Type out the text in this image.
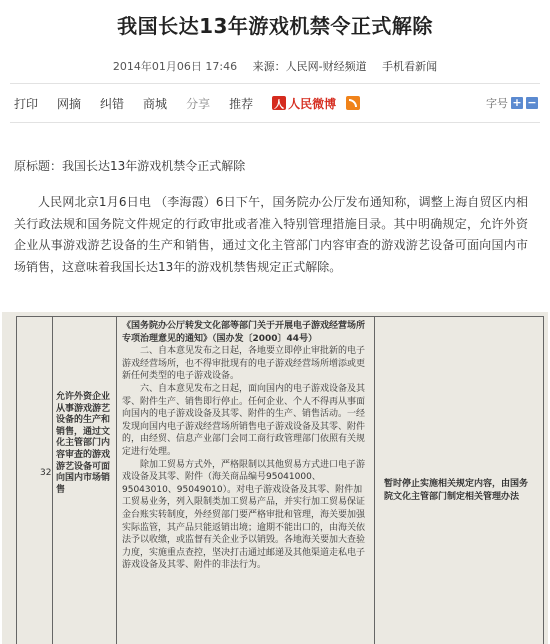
我国长达13年游戏机禁令正式解除
2014年01月06日 17:46 来源：人民网-财经频道 手机看新闻
打印 网摘 纠错 商城 分享 推荐 人 人民微博	字号 + −
原标题：我国长达13年游戏机禁令正式解除
人民网北京1月6日电 （李海霞）6日下午，国务院办公厅发布通知称，调整上海自贸区内相关行政法规和国务院文件规定的行政审批或者准入特别管理措施目录。其中明确规定，允许外资企业从事游戏游艺设备的生产和销售，通过文化主管部门内容审查的游戏游艺设备可面向国内市场销售，这意味着我国长达13年的游戏机禁售规定正式解除。
32
允许外资企业从事游戏游艺设备的生产和销售，通过文化主管部门内容审查的游戏游艺设备可面向国内市场销售

《国务院办公厅转发文化部等部门关于开展电子游戏经营场所专项治理意见的通知》（国办发〔2000〕44号）

二、自本意见发布之日起，各地要立即停止审批新的电子游戏经营场所，也不得审批现有的电子游戏经营场所增添或更新任何类型的电子游戏设备。

六、自本意见发布之日起，面向国内的电子游戏设备及其零、附件生产、销售即行停止。任何企业、个人不得再从事面向国内的电子游戏设备及其零、附件的生产、销售活动。一经发现向国内电子游戏经营场所销售电子游戏设备及其零、附件的，由经贸、信息产业部门会同工商行政管理部门依照有关规定进行处理。

除加工贸易方式外，严格限制以其他贸易方式进口电子游戏设备及其零、附件（海关商品编号95041000、95043010、95049010）。对电子游戏设备及其零、附件加工贸易业务，列入限制类加工贸易产品，并实行加工贸易保证金台账实转制度，外经贸部门要严格审批和管理，海关要加强实际监管，其产品只能返销出境；逾期不能出口的，由海关依法予以收缴，或监督有关企业予以销毁。各地海关要加大查验力度，实施重点查控，坚决打击通过邮递及其他渠道走私电子游戏设备及其零、附件的非法行为。

暂时停止实施相关规定内容，由国务院文化主管部门制定相关管理办法
